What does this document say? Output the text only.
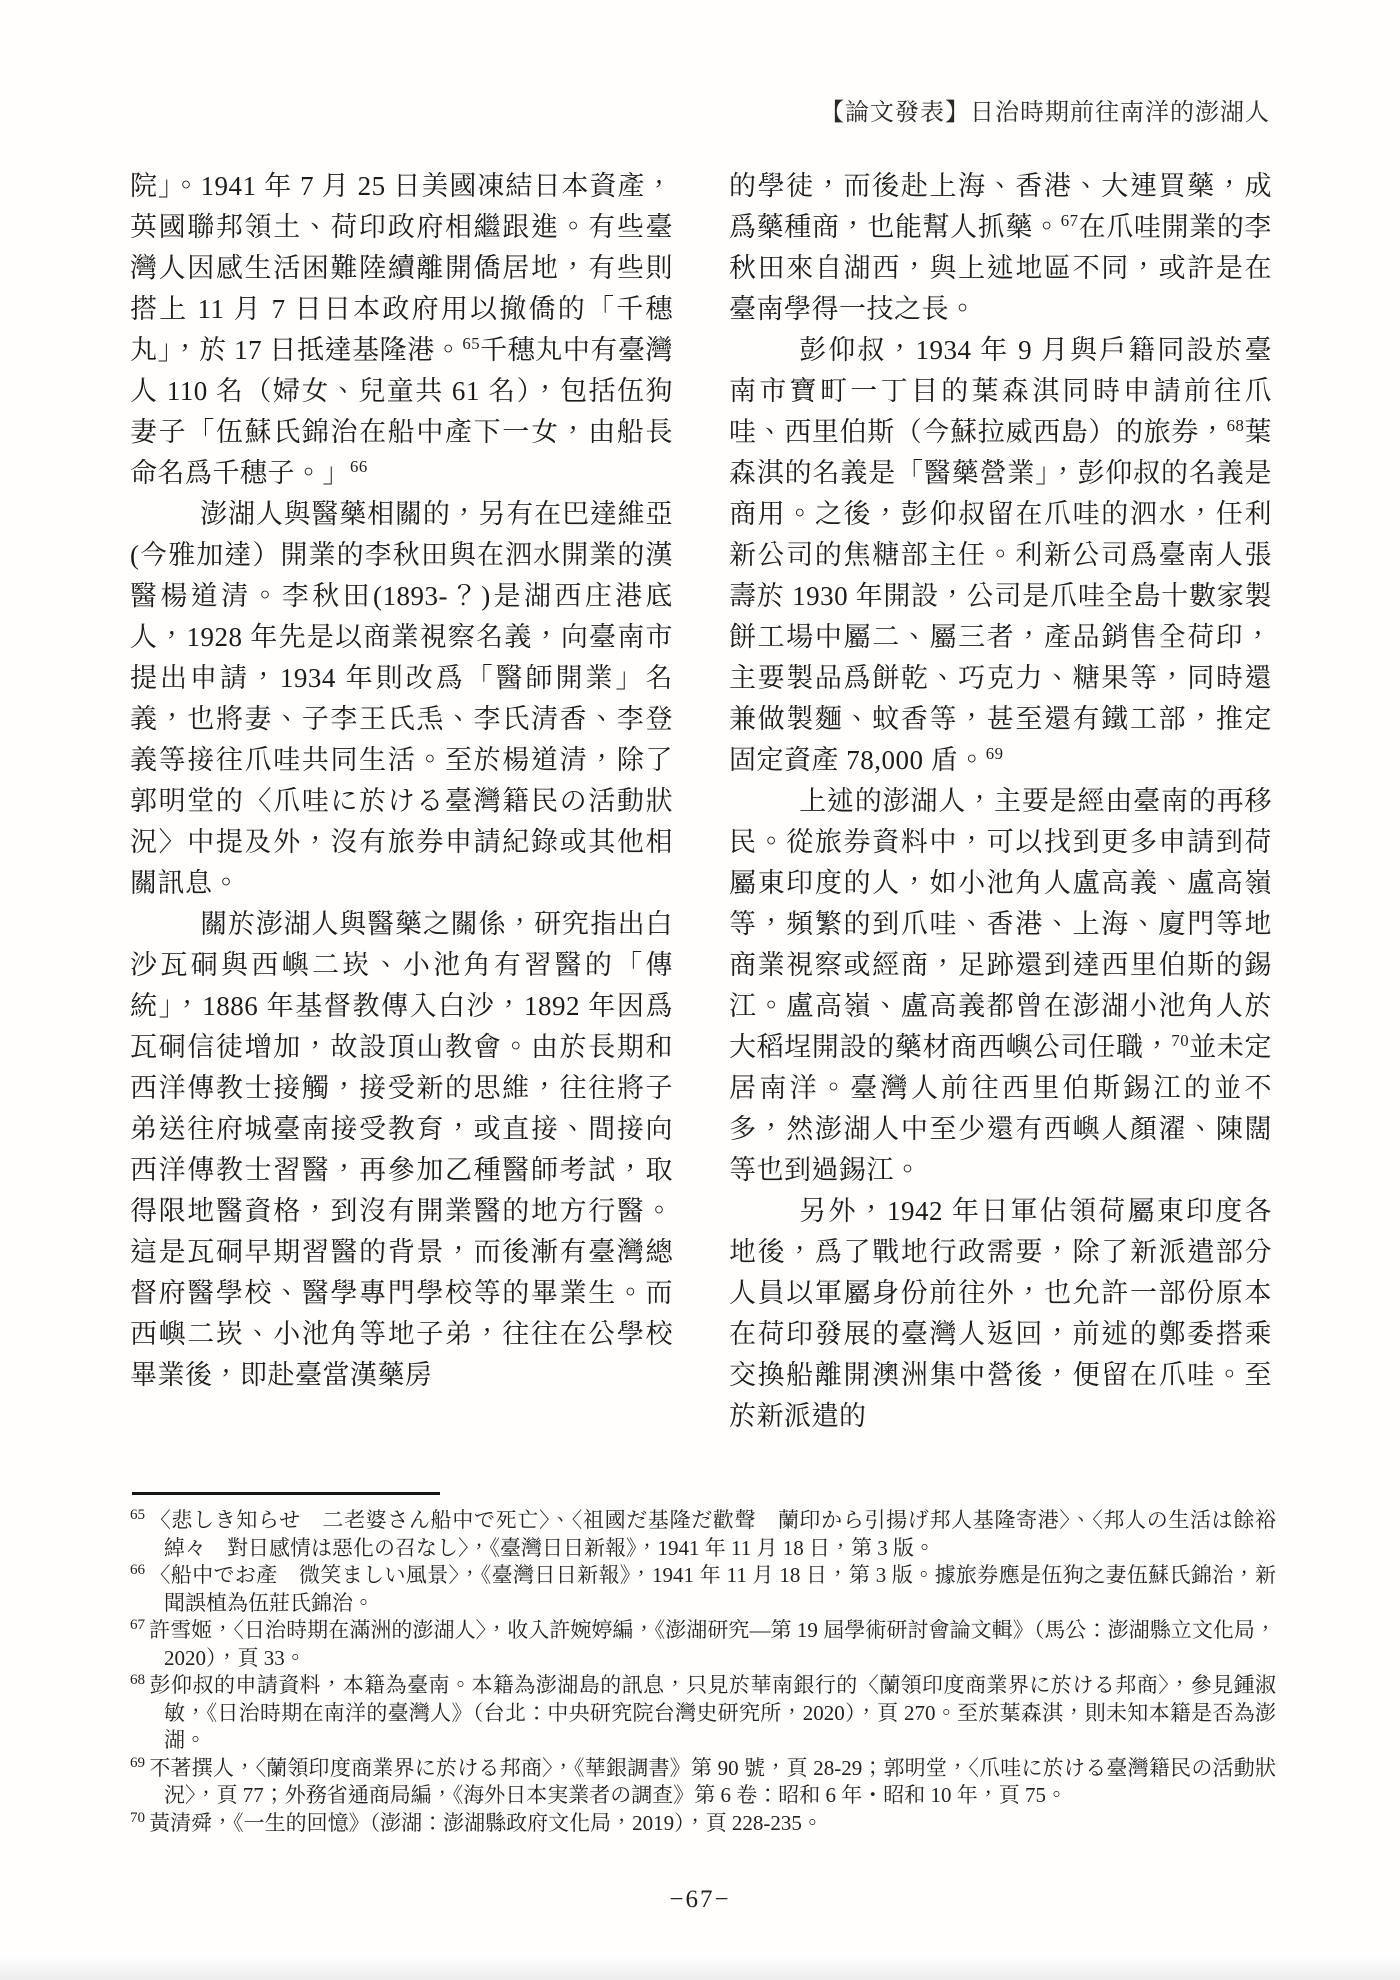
【論文發表】日治時期前往南洋的澎湖人

院」。1941 年 7 月 25 日美國凍結日本資產，英國聯邦領土、荷印政府相繼跟進。有些臺灣人因感生活困難陸續離開僑居地，有些則搭上 11 月 7 日日本政府用以撤僑的「千穗丸」，於 17 日抵達基隆港。$^{65}$千穗丸中有臺灣人 110 名（婦女、兒童共 61 名），包括伍狗妻子「伍蘇氏錦治在船中產下一女，由船長命名爲千穗子。」$^{66}$

澎湖人與醫藥相關的，另有在巴達維亞(今雅加達）開業的李秋田與在泗水開業的漢醫楊道清。李秋田(1893-？)是湖西庄港底人，1928 年先是以商業視察名義，向臺南市提出申請，1934 年則改爲「醫師開業」名義，也將妻、子李王氏𤆬、李氏清香、李登義等接往爪哇共同生活。至於楊道清，除了郭明堂的〈爪哇に於ける臺灣籍民の活動狀況〉中提及外，沒有旅券申請紀錄或其他相關訊息。

關於澎湖人與醫藥之關係，研究指出白沙瓦硐與西嶼二崁、小池角有習醫的「傳統」，1886 年基督教傳入白沙，1892 年因爲瓦硐信徒增加，故設頂山教會。由於長期和西洋傳教士接觸，接受新的思維，往往將子弟送往府城臺南接受教育，或直接、間接向西洋傳教士習醫，再參加乙種醫師考試，取得限地醫資格，到沒有開業醫的地方行醫。這是瓦硐早期習醫的背景，而後漸有臺灣總督府醫學校、醫學專門學校等的畢業生。而西嶼二崁、小池角等地子弟，往往在公學校畢業後，即赴臺當漢藥房

的學徒，而後赴上海、香港、大連買藥，成爲藥種商，也能幫人抓藥。$^{67}$在爪哇開業的李秋田來自湖西，與上述地區不同，或許是在臺南學得一技之長。

彭仰叔，1934 年 9 月與戶籍同設於臺南市寶町一丁目的葉森淇同時申請前往爪哇、西里伯斯（今蘇拉威西島）的旅券，$^{68}$葉森淇的名義是「醫藥營業」，彭仰叔的名義是商用。之後，彭仰叔留在爪哇的泗水，任利新公司的焦糖部主任。利新公司爲臺南人張壽於 1930 年開設，公司是爪哇全島十數家製餅工場中屬二、屬三者，產品銷售全荷印，主要製品爲餅乾、巧克力、糖果等，同時還兼做製麵、蚊香等，甚至還有鐵工部，推定固定資產 78,000 盾。$^{69}$

上述的澎湖人，主要是經由臺南的再移民。從旅券資料中，可以找到更多申請到荷屬東印度的人，如小池角人盧高義、盧高嶺等，頻繁的到爪哇、香港、上海、廈門等地商業視察或經商，足跡還到達西里伯斯的錫江。盧高嶺、盧高義都曾在澎湖小池角人於大稻埕開設的藥材商西嶼公司任職，$^{70}$並未定居南洋。臺灣人前往西里伯斯錫江的並不多，然澎湖人中至少還有西嶼人顏濯、陳闊等也到過錫江。

另外，1942 年日軍佔領荷屬東印度各地後，爲了戰地行政需要，除了新派遣部分人員以軍屬身份前往外，也允許一部份原本在荷印發展的臺灣人返回，前述的鄭委搭乘交換船離開澳洲集中營後，便留在爪哇。至於新派遣的

$^{65}$ 〈悲しき知らせ　二老婆さん船中で死亡〉、〈祖國だ基隆だ歡聲　蘭印から引揚げ邦人基隆寄港〉、〈邦人の生活は餘裕綽々　對日感情は惡化の召なし〉，《臺灣日日新報》，1941 年 11 月 18 日，第 3 版。
$^{66}$ 〈船中でお產　微笑ましい風景〉，《臺灣日日新報》，1941 年 11 月 18 日，第 3 版。據旅券應是伍狗之妻伍蘇氏錦治，新聞誤植為伍莊氏錦治。
$^{67}$ 許雪姬，〈日治時期在滿洲的澎湖人〉，收入許婉婷編，《澎湖研究—第 19 屆學術研討會論文輯》（馬公：澎湖縣立文化局，2020），頁 33。
$^{68}$ 彭仰叔的申請資料，本籍為臺南。本籍為澎湖島的訊息，只見於華南銀行的〈蘭領印度商業界に於ける邦商〉，參見鍾淑敏，《日治時期在南洋的臺灣人》（台北：中央研究院台灣史研究所，2020），頁 270。至於葉森淇，則未知本籍是否為澎湖。
$^{69}$ 不著撰人，〈蘭領印度商業界に於ける邦商〉，《華銀調書》第 90 號，頁 28-29；郭明堂，〈爪哇に於ける臺灣籍民の活動狀況〉，頁 77；外務省通商局編，《海外日本実業者の調查》第 6 卷：昭和 6 年・昭和 10 年，頁 75。
$^{70}$ 黃清舜，《一生的回憶》（澎湖：澎湖縣政府文化局，2019），頁 228-235。
−67−
